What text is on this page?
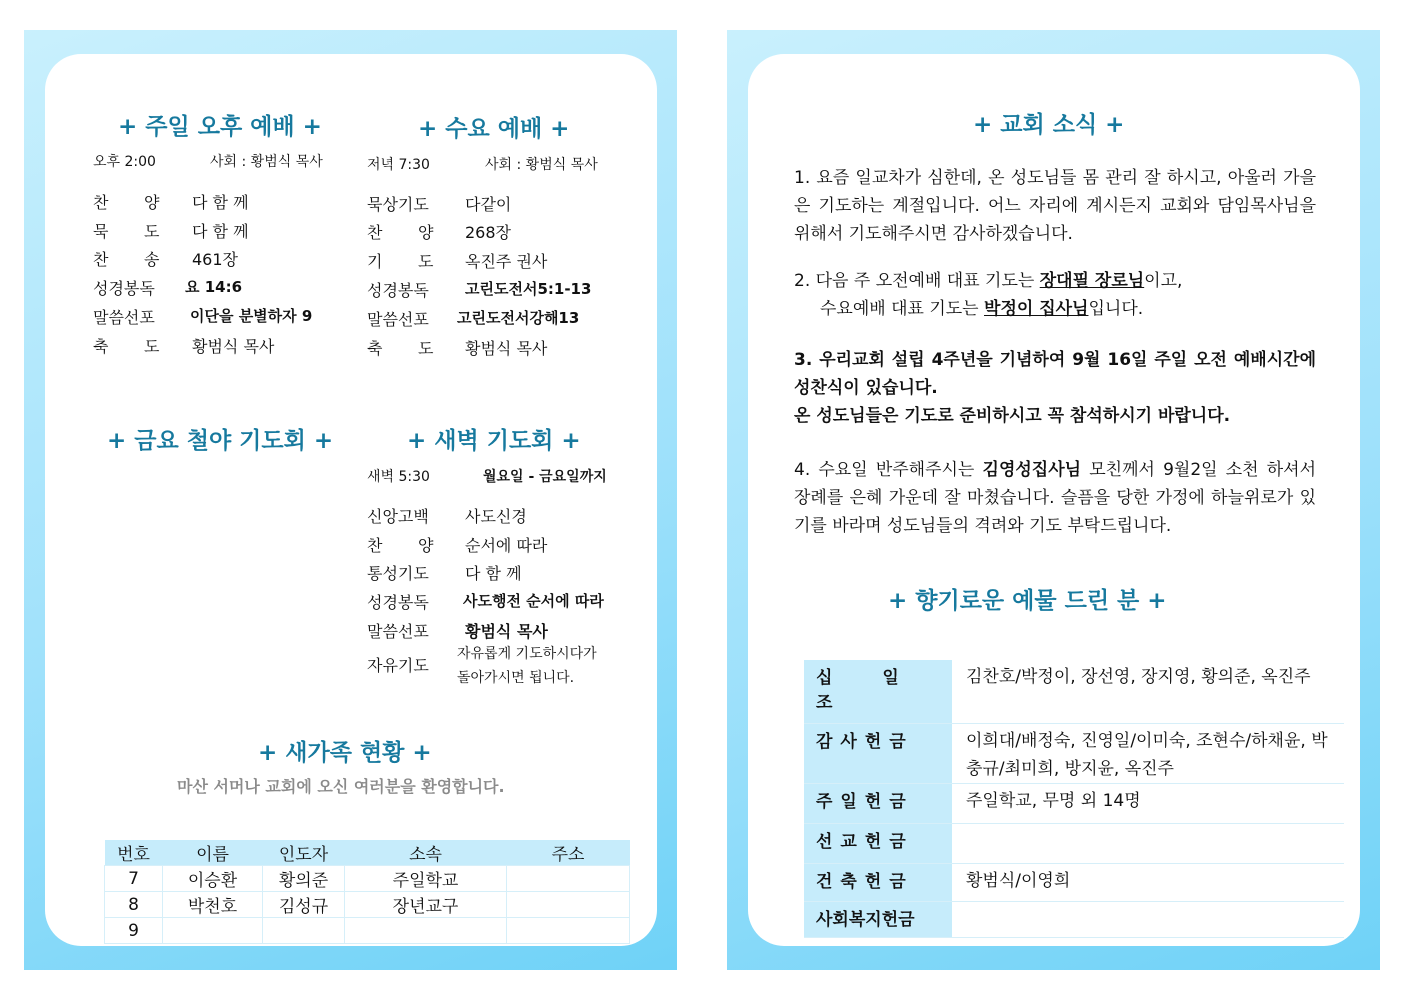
+ 주일 오후 예배 +
오후 2:00	사회 : 황범식 목사
찬       양 다 함 께
묵       도 다 함 께
찬       송 461장
성경봉독 요 14:6
말씀선포 이단을 분별하자 9
축       도 황범식 목사
+ 수요 예배 +
저녁 7:30	사회 : 황범식 목사
묵상기도 다같이
찬       양 268장
기       도 옥진주 권사
성경봉독 고린도전서5:1-13
말씀선포 고린도전서강해13
축       도 황범식 목사
+ 금요 철야 기도회 +	+ 새벽 기도회 +
새벽 5:30	월요일 - 금요일까지
신앙고백 사도신경
찬       양 순서에 따라
통성기도 다 함 께
성경봉독 사도행전 순서에 따라
말씀선포 황범식 목사
자유기도
자유롭게 기도하시다가
돌아가시면 됩니다.
+ 새가족 현황 +
마산 서머나 교회에 오신 여러분을 환영합니다.
번호	이름	인도자	소속	주소
7	이승환	황의준	주일학교	
8	박천호	김성규	장년교구	
9				
+ 교회 소식 +
1. 요즘 일교차가 심한데, 온 성도님들 몸 관리 잘 하시고, 아울러 가을은 기도하는 계절입니다. 어느 자리에 계시든지 교회와 담임목사님을 위해서 기도해주시면 감사하겠습니다.
2. 다음 주 오전예배 대표 기도는 장대필 장로님이고,
수요예배 대표 기도는 박정이 집사님입니다.
3. 우리교회 설립 4주년을 기념하여 9월 16일 주일 오전 예배시간에 성찬식이 있습니다.
온 성도님들은 기도로 준비하시고 꼭 참석하시기 바랍니다.
4. 수요일 반주해주시는 김영성집사님 모친께서 9월2일 소천 하셔서 장례를 은혜 가운데 잘 마쳤습니다. 슬픔을 당한 가정에 하늘위로가 있기를 바라며 성도님들의 격려와 기도 부탁드립니다.
+ 향기로운 예물 드린 분 +
십 일 조	김찬호/박정이, 장선영, 장지영, 황의준, 옥진주
감사헌금	이희대/배정숙, 진영일/이미숙, 조현수/하채윤, 박충규/최미희, 방지윤, 옥진주
주일헌금	주일학교, 무명 외 14명
선교헌금	
건축헌금	황범식/이영희
사회복지헌금	
